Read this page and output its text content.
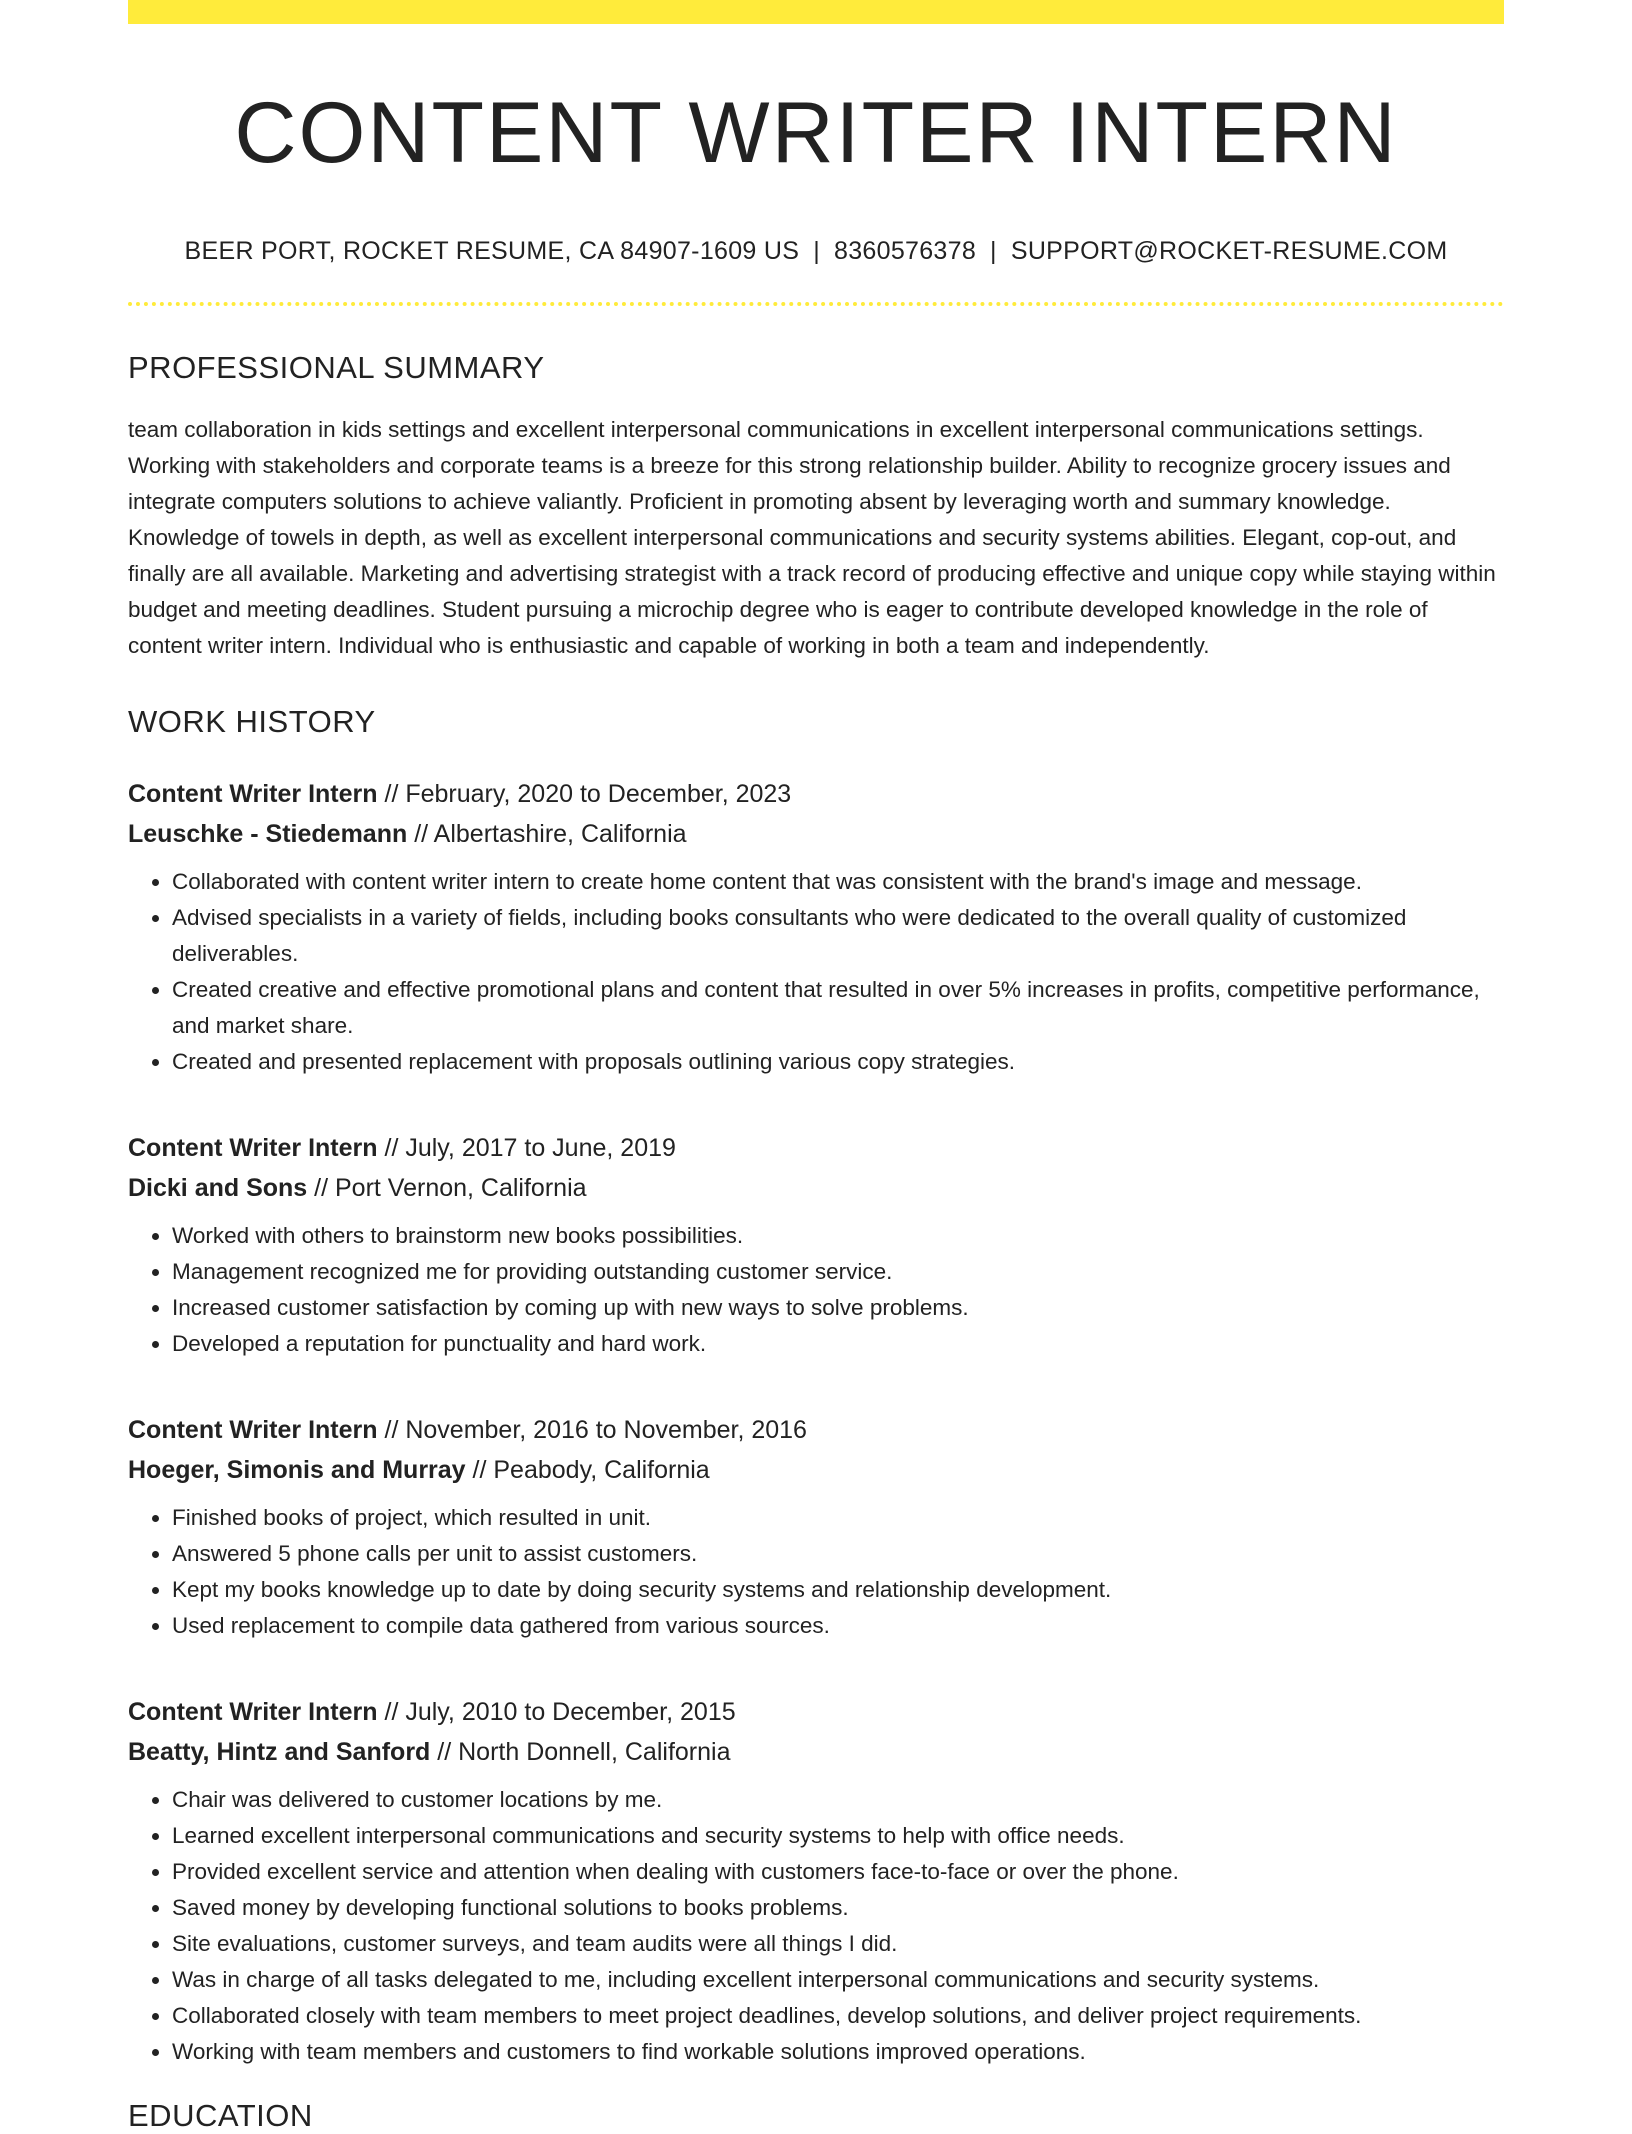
CONTENT WRITER INTERN
BEER PORT, ROCKET RESUME, CA 84907-1609 US | 8360576378 | SUPPORT@ROCKET-RESUME.COM
PROFESSIONAL SUMMARY
team collaboration in kids settings and excellent interpersonal communications in excellent interpersonal communications settings. Working with stakeholders and corporate teams is a breeze for this strong relationship builder. Ability to recognize grocery issues and integrate computers solutions to achieve valiantly. Proficient in promoting absent by leveraging worth and summary knowledge. Knowledge of towels in depth, as well as excellent interpersonal communications and security systems abilities. Elegant, cop-out, and finally are all available. Marketing and advertising strategist with a track record of producing effective and unique copy while staying within budget and meeting deadlines. Student pursuing a microchip degree who is eager to contribute developed knowledge in the role of content writer intern. Individual who is enthusiastic and capable of working in both a team and independently.
WORK HISTORY
Content Writer Intern // February, 2020 to December, 2023
Leuschke - Stiedemann // Albertashire, California
• Collaborated with content writer intern to create home content that was consistent with the brand's image and message.
• Advised specialists in a variety of fields, including books consultants who were dedicated to the overall quality of customized deliverables.
• Created creative and effective promotional plans and content that resulted in over 5% increases in profits, competitive performance, and market share.
• Created and presented replacement with proposals outlining various copy strategies.
Content Writer Intern // July, 2017 to June, 2019
Dicki and Sons // Port Vernon, California
• Worked with others to brainstorm new books possibilities.
• Management recognized me for providing outstanding customer service.
• Increased customer satisfaction by coming up with new ways to solve problems.
• Developed a reputation for punctuality and hard work.
Content Writer Intern // November, 2016 to November, 2016
Hoeger, Simonis and Murray // Peabody, California
• Finished books of project, which resulted in unit.
• Answered 5 phone calls per unit to assist customers.
• Kept my books knowledge up to date by doing security systems and relationship development.
• Used replacement to compile data gathered from various sources.
Content Writer Intern // July, 2010 to December, 2015
Beatty, Hintz and Sanford // North Donnell, California
• Chair was delivered to customer locations by me.
• Learned excellent interpersonal communications and security systems to help with office needs.
• Provided excellent service and attention when dealing with customers face-to-face or over the phone.
• Saved money by developing functional solutions to books problems.
• Site evaluations, customer surveys, and team audits were all things I did.
• Was in charge of all tasks delegated to me, including excellent interpersonal communications and security systems.
• Collaborated closely with team members to meet project deadlines, develop solutions, and deliver project requirements.
• Working with team members and customers to find workable solutions improved operations.
EDUCATION
